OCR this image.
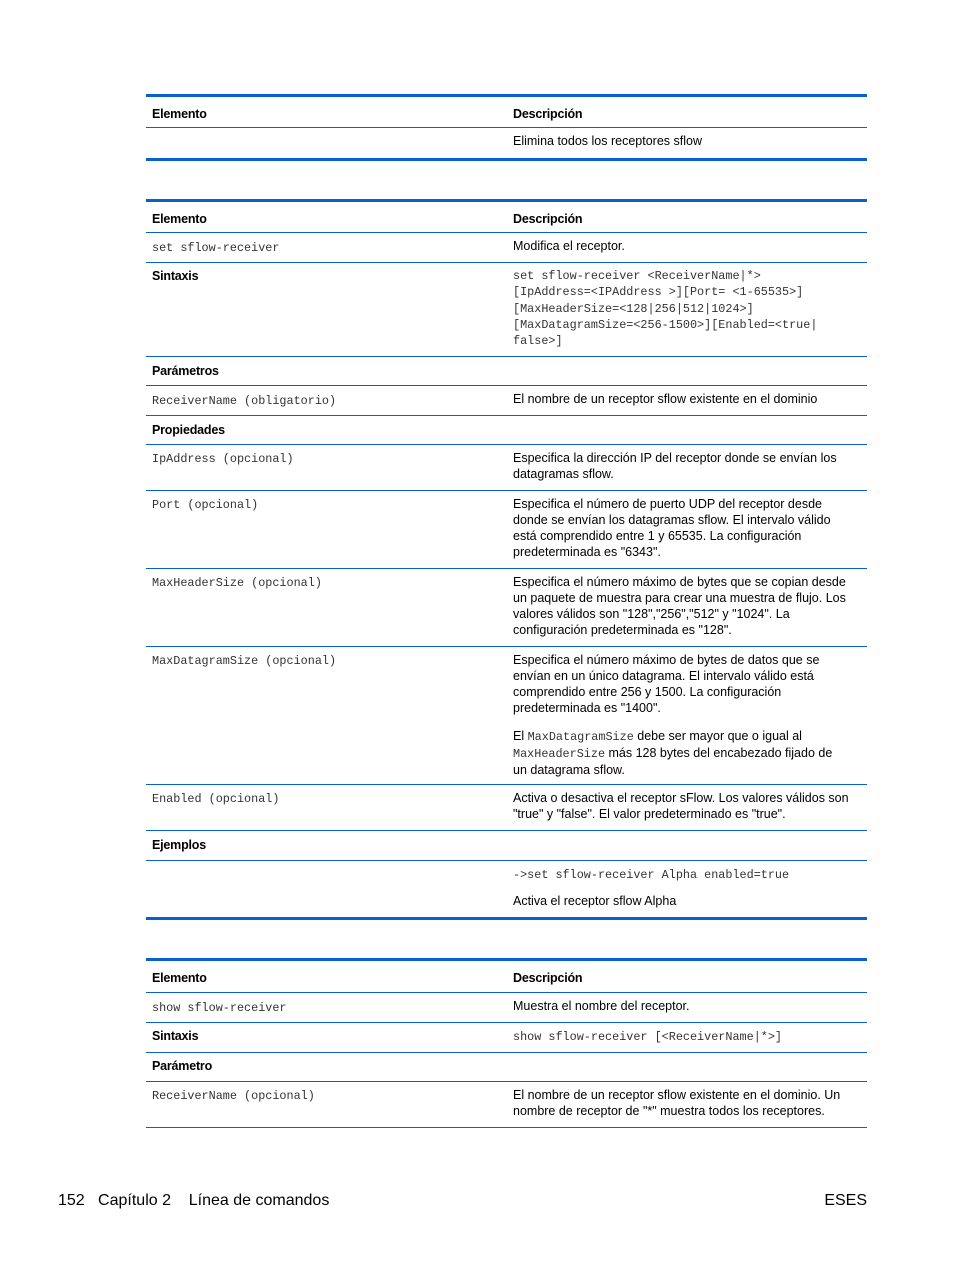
Elemento	Descripción
Elimina todos los receptores sflow
Elemento	Descripción
set sflow-receiver	Modifica el receptor.
Sintaxis	set sflow-receiver <ReceiverName|*>
[IpAddress=<IPAddress >][Port= <1-65535>]
[MaxHeaderSize=<128|256|512|1024>]
[MaxDatagramSize=<256-1500>][Enabled=<true|
false>]
Parámetros
ReceiverName (obligatorio)	El nombre de un receptor sflow existente en el dominio
Propiedades
IpAddress (opcional)	Especifica la dirección IP del receptor donde se envían los
datagramas sflow.
Port (opcional)	Especifica el número de puerto UDP del receptor desde
donde se envían los datagramas sflow. El intervalo válido
está comprendido entre 1 y 65535. La configuración
predeterminada es "6343".
MaxHeaderSize (opcional)	Especifica el número máximo de bytes que se copian desde
un paquete de muestra para crear una muestra de flujo. Los
valores válidos son "128","256","512" y "1024". La
configuración predeterminada es "128".
MaxDatagramSize (opcional)	Especifica el número máximo de bytes de datos que se
envían en un único datagrama. El intervalo válido está
comprendido entre 256 y 1500. La configuración
predeterminada es "1400".
El MaxDatagramSize debe ser mayor que o igual al
MaxHeaderSize más 128 bytes del encabezado fijado de
un datagrama sflow.
Enabled (opcional)	Activa o desactiva el receptor sFlow. Los valores válidos son
"true" y "false". El valor predeterminado es "true".
Ejemplos
->set sflow-receiver Alpha enabled=true
Activa el receptor sflow Alpha
Elemento	Descripción
show sflow-receiver	Muestra el nombre del receptor.
Sintaxis	show sflow-receiver [<ReceiverName|*>]
Parámetro
ReceiverName (opcional)	El nombre de un receptor sflow existente en el dominio. Un
nombre de receptor de "*" muestra todos los receptores.
152 Capítulo 2 Línea de comandos	ESES
